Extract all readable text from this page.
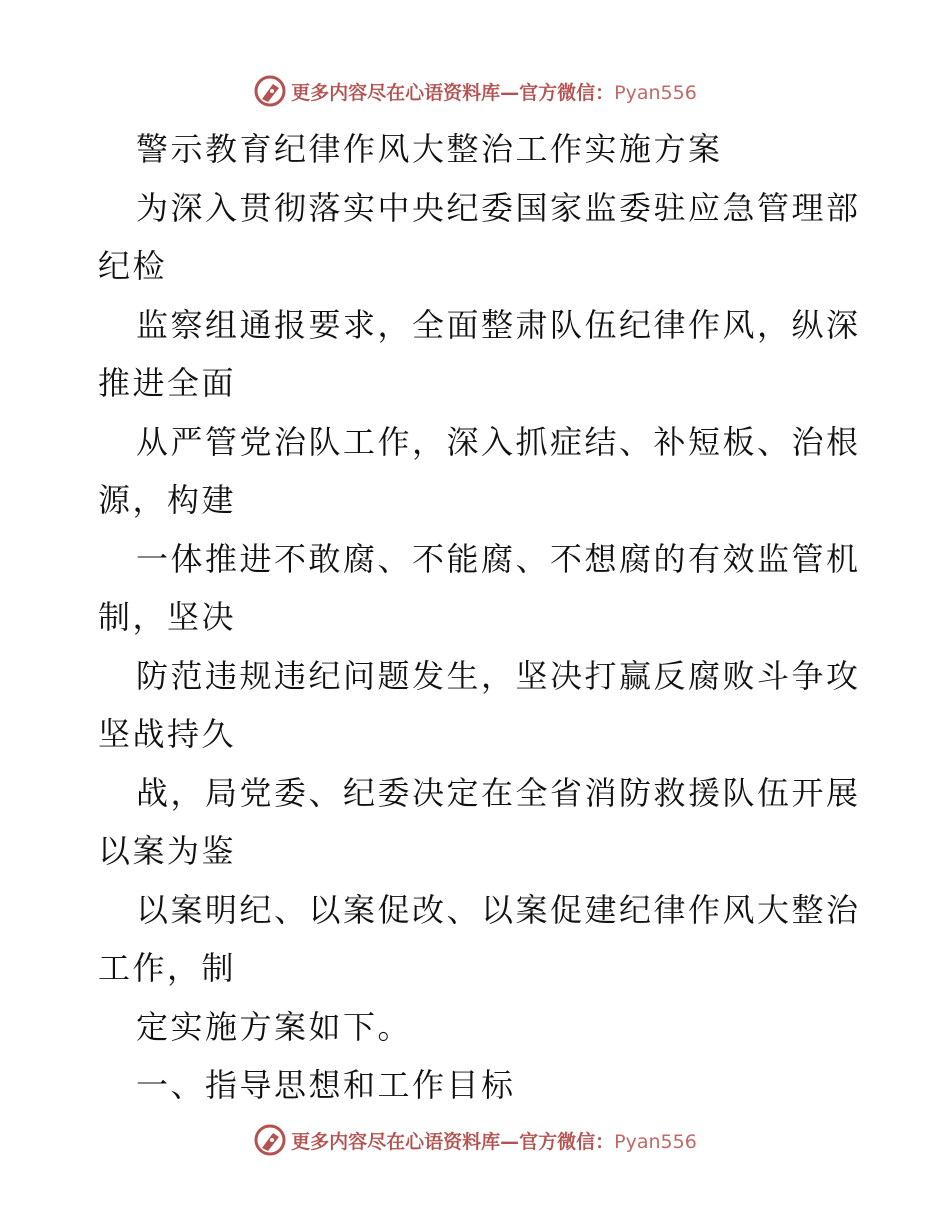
更多内容尽在心语资料库—官方微信：Pyan556
警示教育纪律作风大整治工作实施方案
为深入贯彻落实中央纪委国家监委驻应急管理部
纪检
监察组通报要求，全面整肃队伍纪律作风，纵深
推进全面
从严管党治队工作，深入抓症结、补短板、治根
源，构建
一体推进不敢腐、不能腐、不想腐的有效监管机
制，坚决
防范违规违纪问题发生，坚决打赢反腐败斗争攻
坚战持久
战，局党委、纪委决定在全省消防救援队伍开展
以案为鉴
以案明纪、以案促改、以案促建纪律作风大整治
工作，制
定实施方案如下。
一、指导思想和工作目标
更多内容尽在心语资料库—官方微信：Pyan556
